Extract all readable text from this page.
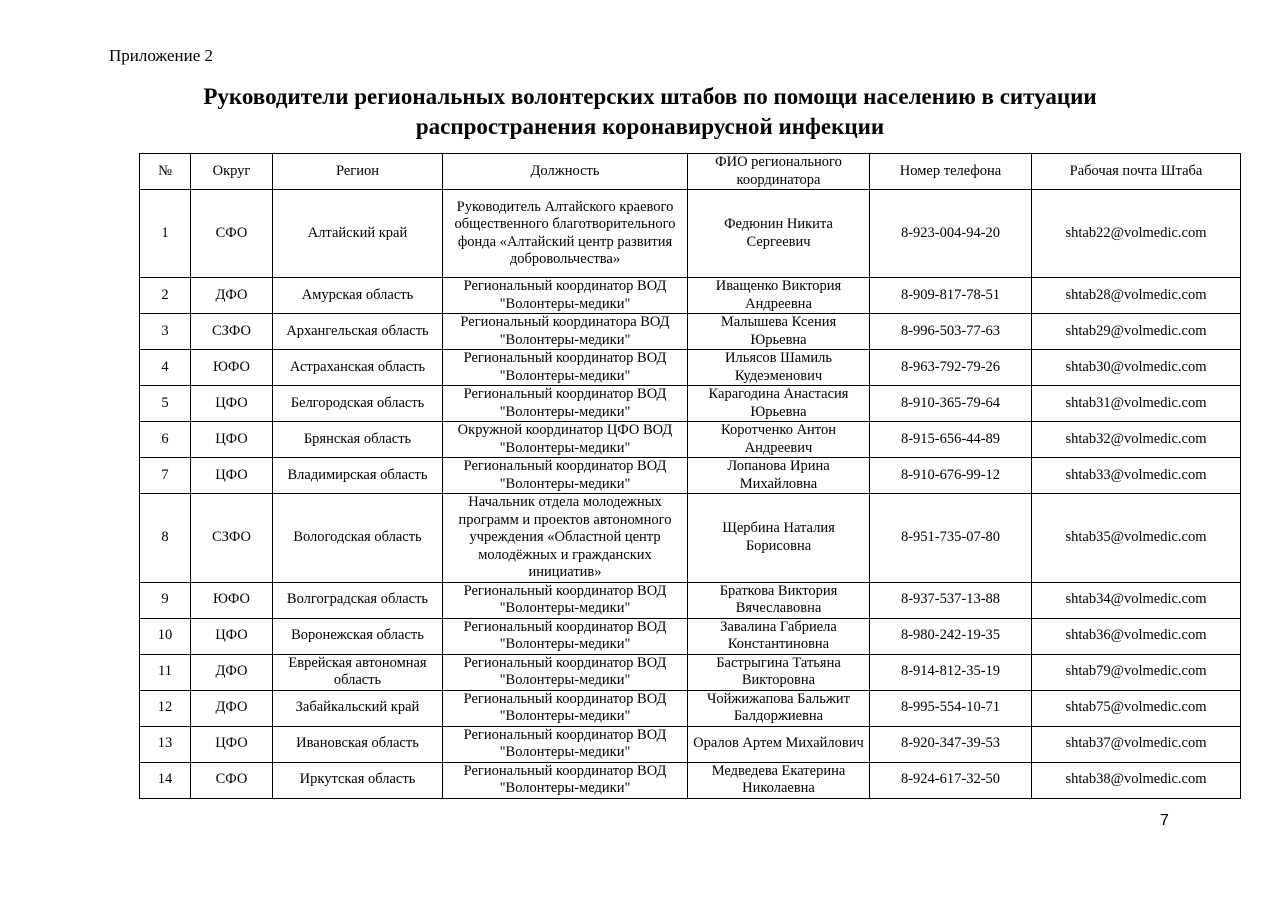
Приложение 2
Руководители региональных волонтерских штабов по помощи населению в ситуации
распространения коронавирусной инфекции
№	Округ	Регион	Должность	ФИО регионального координатора	Номер телефона	Рабочая почта Штаба
1	СФО	Алтайский край	Руководитель Алтайского краевого общественного благотворительного фонда «Алтайский центр развития добровольчества»	Федюнин Никита Сергеевич	8-923-004-94-20	shtab22@volmedic.com
2	ДФО	Амурская область	Региональный координатор ВОД "Волонтеры-медики"	Иващенко Виктория Андреевна	8-909-817-78-51	shtab28@volmedic.com
3	СЗФО	Архангельская область	Региональный координатора ВОД "Волонтеры-медики"	Малышева Ксения Юрьевна	8-996-503-77-63	shtab29@volmedic.com
4	ЮФО	Астраханская область	Региональный координатор ВОД "Волонтеры-медики"	Ильясов Шамиль Кудеэменович	8-963-792-79-26	shtab30@volmedic.com
5	ЦФО	Белгородская область	Региональный координатор ВОД "Волонтеры-медики"	Карагодина Анастасия Юрьевна	8-910-365-79-64	shtab31@volmedic.com
6	ЦФО	Брянская область	Окружной координатор ЦФО ВОД "Волонтеры-медики"	Коротченко Антон Андреевич	8-915-656-44-89	shtab32@volmedic.com
7	ЦФО	Владимирская область	Региональный координатор ВОД "Волонтеры-медики"	Лопанова Ирина Михайловна	8-910-676-99-12	shtab33@volmedic.com
8	СЗФО	Вологодская область	Начальник отдела молодежных программ и проектов автономного учреждения «Областной центр молодёжных и гражданских инициатив»	Щербина Наталия Борисовна	8-951-735-07-80	shtab35@volmedic.com
9	ЮФО	Волгоградская область	Региональный координатор ВОД "Волонтеры-медики"	Браткова Виктория Вячеславовна	8-937-537-13-88	shtab34@volmedic.com
10	ЦФО	Воронежская область	Региональный координатор ВОД "Волонтеры-медики"	Завалина Габриела Константиновна	8-980-242-19-35	shtab36@volmedic.com
11	ДФО	Еврейская автономная область	Региональный координатор ВОД "Волонтеры-медики"	Бастрыгина Татьяна Викторовна	8-914-812-35-19	shtab79@volmedic.com
12	ДФО	Забайкальский край	Региональный координатор ВОД "Волонтеры-медики"	Чойжижапова Бальжит Балдоржиевна	8-995-554-10-71	shtab75@volmedic.com
13	ЦФО	Ивановская область	Региональный координатор ВОД "Волонтеры-медики"	Оралов Артем Михайлович	8-920-347-39-53	shtab37@volmedic.com
14	СФО	Иркутская область	Региональный координатор ВОД "Волонтеры-медики"	Медведева Екатерина Николаевна	8-924-617-32-50	shtab38@volmedic.com
7
